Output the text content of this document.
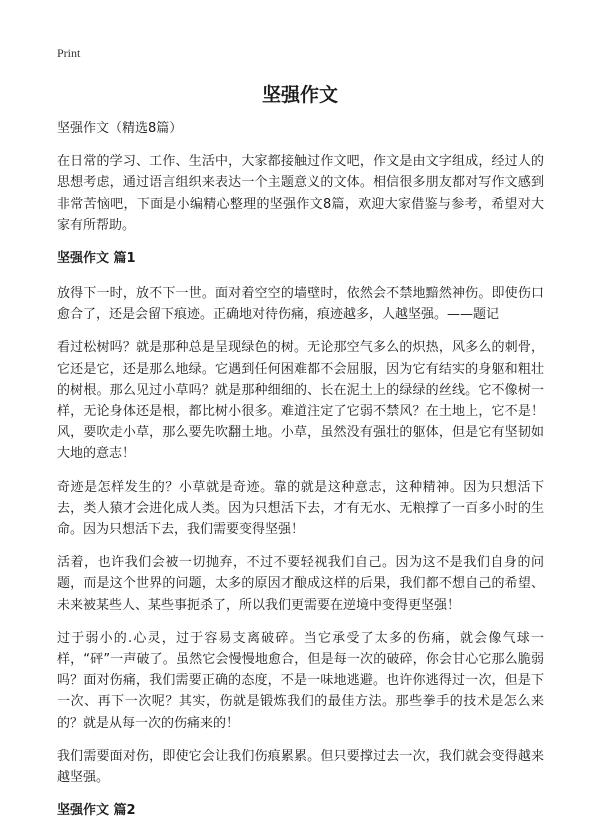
Print
坚强作文

坚强作文（精选8篇）

在日常的学习、工作、生活中，大家都接触过作文吧，作文是由文字组成，经过人的思想考虑，通过语言组织来表达一个主题意义的文体。相信很多朋友都对写作文感到非常苦恼吧，下面是小编精心整理的坚强作文8篇，欢迎大家借鉴与参考，希望对大家有所帮助。

坚强作文 篇1

放得下一时，放不下一世。面对着空空的墙壁时，依然会不禁地黯然神伤。即使伤口愈合了，还是会留下痕迹。正确地对待伤痛，痕迹越多，人越坚强。——题记

看过松树吗？就是那种总是呈现绿色的树。无论那空气多么的炽热，风多么的刺骨，它还是它，还是那么地绿。它遇到任何困难都不会屈服，因为它有结实的身躯和粗壮的树根。那么见过小草吗？就是那种细细的、长在泥土上的绿绿的丝线。它不像树一样，无论身体还是根，都比树小很多。难道注定了它弱不禁风？在土地上，它不是！风，要吹走小草，那么要先吹翻土地。小草，虽然没有强壮的躯体，但是它有坚韧如大地的意志！

奇迹是怎样发生的？小草就是奇迹。靠的就是这种意志，这种精神。因为只想活下去，类人猿才会进化成人类。因为只想活下去，才有无水、无粮撑了一百多小时的生命。因为只想活下去，我们需要变得坚强！

活着，也许我们会被一切抛弃，不过不要轻视我们自己。因为这不是我们自身的问题，而是这个世界的问题，太多的原因才酿成这样的后果，我们都不想自己的希望、未来被某些人、某些事扼杀了，所以我们更需要在逆境中变得更坚强！

过于弱小的.心灵，过于容易支离破碎。当它承受了太多的伤痛，就会像气球一样，“砰”一声破了。虽然它会慢慢地愈合，但是每一次的破碎，你会甘心它那么脆弱吗？面对伤痛，我们需要正确的态度，不是一味地逃避。也许你逃得过一次，但是下一次、再下一次呢？其实，伤就是锻炼我们的最佳方法。那些拳手的技术是怎么来的？就是从每一次的伤痛来的！

我们需要面对伤，即使它会让我们伤痕累累。但只要撑过去一次，我们就会变得越来越坚强。

坚强作文 篇2
